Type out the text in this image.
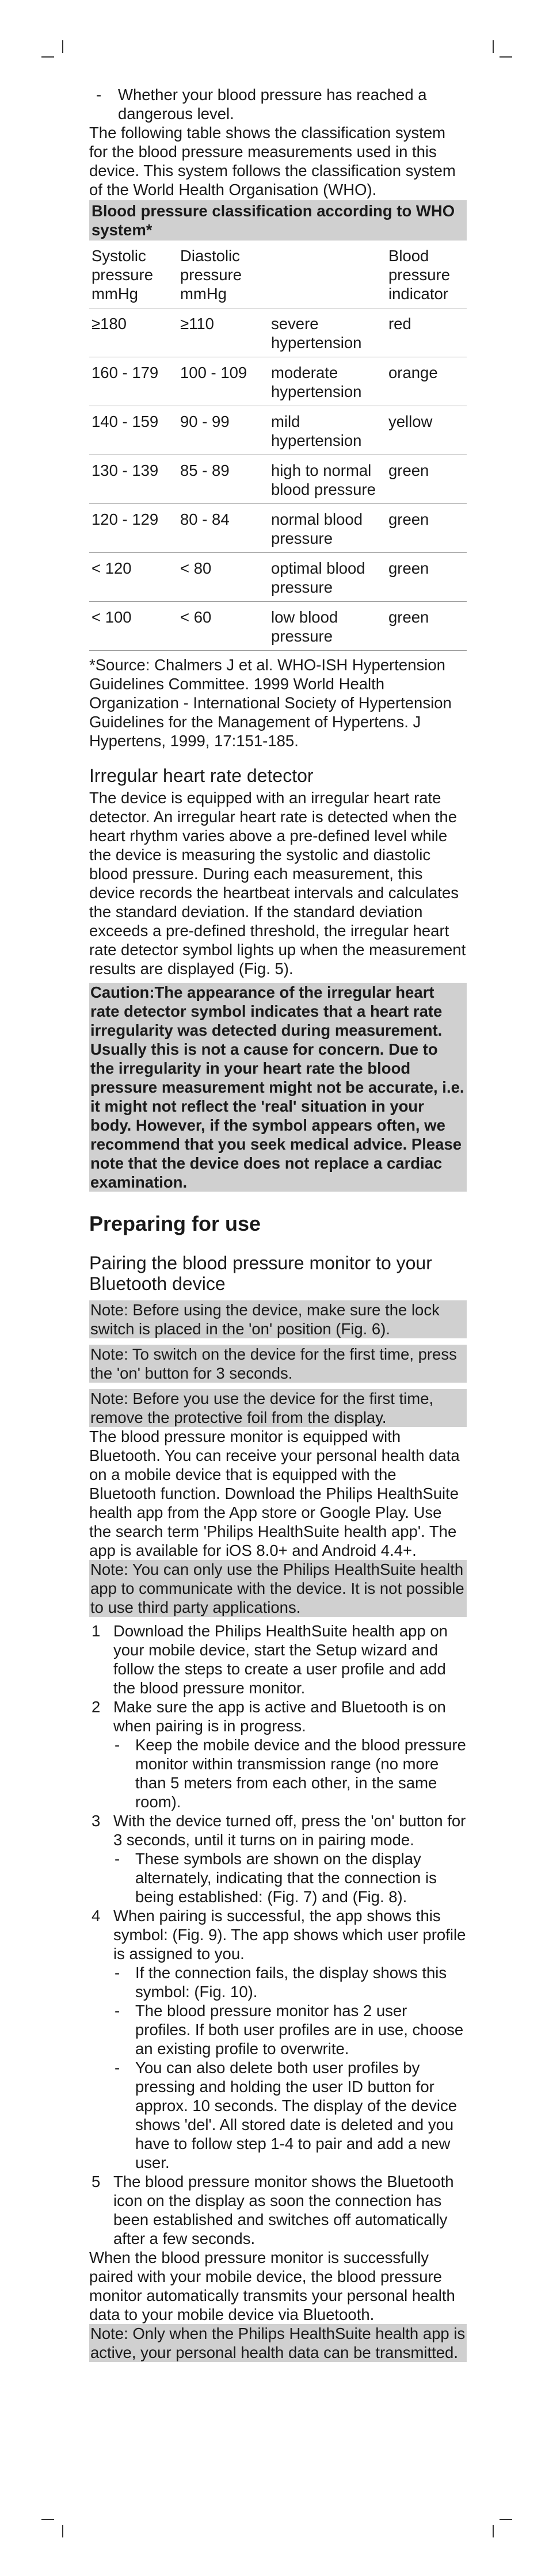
-	Whether your blood pressure has reached a dangerous level.

The following table shows the classification system for the blood pressure measurements used in this device. This system follows the classification system of the World Health Organisation (WHO).

Blood pressure classification according to WHO system*
Systolic pressure mmHg	Diastolic pressure mmHg		Blood pressure indicator
≥180	≥110	severe hypertension	red
160 - 179	100 - 109	moderate hypertension	orange
140 - 159	90 - 99	mild hypertension	yellow
130 - 139	85 - 89	high to normal blood pressure	green
120 - 129	80 - 84	normal blood pressure	green
< 120	< 80	optimal blood pressure	green
< 100	< 60	low blood pressure	green

*Source: Chalmers J et al. WHO-ISH Hypertension Guidelines Committee. 1999 World Health Organization - International Society of Hypertension Guidelines for the Management of Hypertens. J Hypertens, 1999, 17:151-185.

Irregular heart rate detector

The device is equipped with an irregular heart rate detector. An irregular heart rate is detected when the heart rhythm varies above a pre-defined level while the device is measuring the systolic and diastolic blood pressure. During each measurement, this device records the heartbeat intervals and calculates the standard deviation. If the standard deviation exceeds a pre-defined threshold, the irregular heart rate detector symbol lights up when the measurement results are displayed (Fig. 5).

Caution:The appearance of the irregular heart rate detector symbol indicates that a heart rate irregularity was detected during measurement. Usually this is not a cause for concern. Due to the irregularity in your heart rate the blood pressure measurement might not be accurate, i.e. it might not reflect the 'real' situation in your body. However, if the symbol appears often, we recommend that you seek medical advice. Please note that the device does not replace a cardiac examination.
Preparing for use
Pairing the blood pressure monitor to your Bluetooth device
Note: Before using the device, make sure the lock switch is placed in the 'on' position (Fig. 6).
Note: To switch on the device for the first time, press the 'on' button for 3 seconds.
Note: Before you use the device for the first time, remove the protective foil from the display.

The blood pressure monitor is equipped with Bluetooth. You can receive your personal health data on a mobile device that is equipped with the Bluetooth function. Download the Philips HealthSuite health app from the App store or Google Play. Use the search term 'Philips HealthSuite health app'. The app is available for iOS 8.0+ and Android 4.4+.

Note: You can only use the Philips HealthSuite health app to communicate with the device. It is not possible to use third party applications.
1 Download the Philips HealthSuite health app on your mobile device, start the Setup wizard and follow the steps to create a user profile and add the blood pressure monitor.
2 Make sure the app is active and Bluetooth is on when pairing is in progress.
- Keep the mobile device and the blood pressure monitor within transmission range (no more than 5 meters from each other, in the same room).
3 With the device turned off, press the 'on' button for 3 seconds, until it turns on in pairing mode.
- These symbols are shown on the display alternately, indicating that the connection is being established: (Fig. 7) and (Fig. 8).
4 When pairing is successful, the app shows this symbol: (Fig. 9). The app shows which user profile is assigned to you.
- If the connection fails, the display shows this symbol: (Fig. 10).
- The blood pressure monitor has 2 user profiles. If both user profiles are in use, choose an existing profile to overwrite.
- You can also delete both user profiles by pressing and holding the user ID button for approx. 10 seconds. The display of the device shows 'del'. All stored date is deleted and you have to follow step 1-4 to pair and add a new user.
5 The blood pressure monitor shows the Bluetooth icon on the display as soon the connection has been established and switches off automatically after a few seconds.

When the blood pressure monitor is successfully paired with your mobile device, the blood pressure monitor automatically transmits your personal health data to your mobile device via Bluetooth.

Note: Only when the Philips HealthSuite health app is active, your personal health data can be transmitted.
